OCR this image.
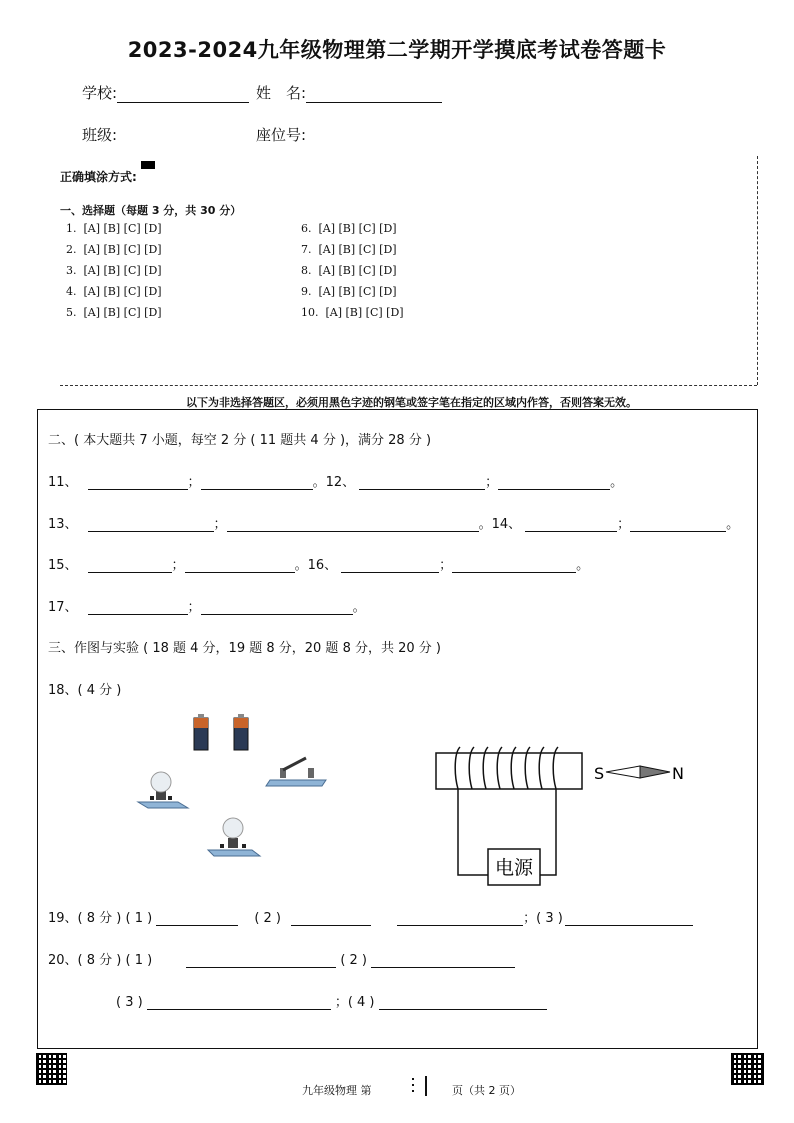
2023-2024九年级物理第二学期开学摸底考试卷答题卡
学校:	姓　名:
班级:	座位号:
正确填涂方式:
一、选择题（每题 3 分，共 30 分）
1.  [A] [B] [C] [D]
2.  [A] [B] [C] [D]
3.  [A] [B] [C] [D]
4.  [A] [B] [C] [D]
5.  [A] [B] [C] [D]
6.  [A] [B] [C] [D]
7.  [A] [B] [C] [D]
8.  [A] [B] [C] [D]
9.  [A] [B] [C] [D]
10.  [A] [B] [C] [D]
以下为非选择答题区，必须用黑色字迹的钢笔或签字笔在指定的区域内作答，否则答案无效。
二、( 本大题共 7 小题，每空 2 分 ( 11 题共 4 分 )，满分 28 分 )
11、	；	。12、	；	。
13、	；	。14、	；	。
15、	；	。16、	；	。
17、	；	。
三、作图与实验 ( 18 题 4 分，19 题 8 分，20 题 8 分，共 20 分 )
18、( 4 分 )
电源
S	N
19、( 8 分 ) ( 1 )	( 2 )	；( 3 )
20、( 8 分 ) ( 1 )	( 2 )
( 3 )	；( 4 )
九年级物理 第	页（共 2 页）
